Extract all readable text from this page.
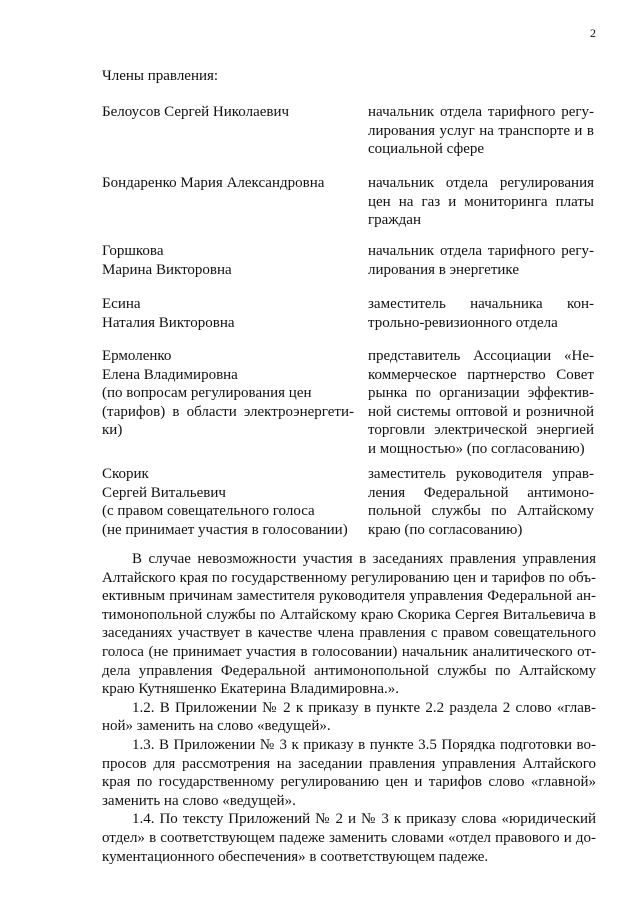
2
Члены правления:
Белоусов Сергей Николаевич	начальник отдела тарифного регу-
лирования услуг на транспорте и в
социальной сфере
Бондаренко Мария Александровна	начальник отдела регулирования
цен на газ и мониторинга платы
граждан
Горшкова
Марина Викторовна
начальник отдела тарифного регу-
лирования в энергетике
Есина
Наталия Викторовна
заместитель начальника кон-
трольно-ревизионного отдела
Ермоленко
Елена Владимировна
(по вопросам регулирования цен
(тарифов) в области электроэнергети-
ки)
представитель Ассоциации «Не-
коммерческое партнерство Совет
рынка по организации эффектив-
ной системы оптовой и розничной
торговли электрической энергией
и мощностью» (по согласованию)
Скорик
Сергей Витальевич
(с правом совещательного голоса
(не принимает участия в голосовании)
заместитель руководителя управ-
ления Федеральной антимоно-
польной службы по Алтайскому
краю (по согласованию)
В случае невозможности участия в заседаниях правления управления
Алтайского края по государственному регулированию цен и тарифов по объ-
ективным причинам заместителя руководителя управления Федеральной ан-
тимонопольной службы по Алтайскому краю Скорика Сергея Витальевича в
заседаниях участвует в качестве члена правления с правом совещательного
голоса (не принимает участия в голосовании) начальник аналитического от-
дела управления Федеральной антимонопольной службы по Алтайскому
краю Кутняшенко Екатерина Владимировна.».
1.2. В Приложении № 2 к приказу в пункте 2.2 раздела 2 слово «глав-
ной» заменить на слово «ведущей».
1.3. В Приложении № 3 к приказу в пункте 3.5 Порядка подготовки во-
просов для рассмотрения на заседании правления управления Алтайского
края по государственному регулированию цен и тарифов слово «главной»
заменить на слово «ведущей».
1.4. По тексту Приложений № 2 и № 3 к приказу слова «юридический
отдел» в соответствующем падеже заменить словами «отдел правового и до-
кументационного обеспечения» в соответствующем падеже.
